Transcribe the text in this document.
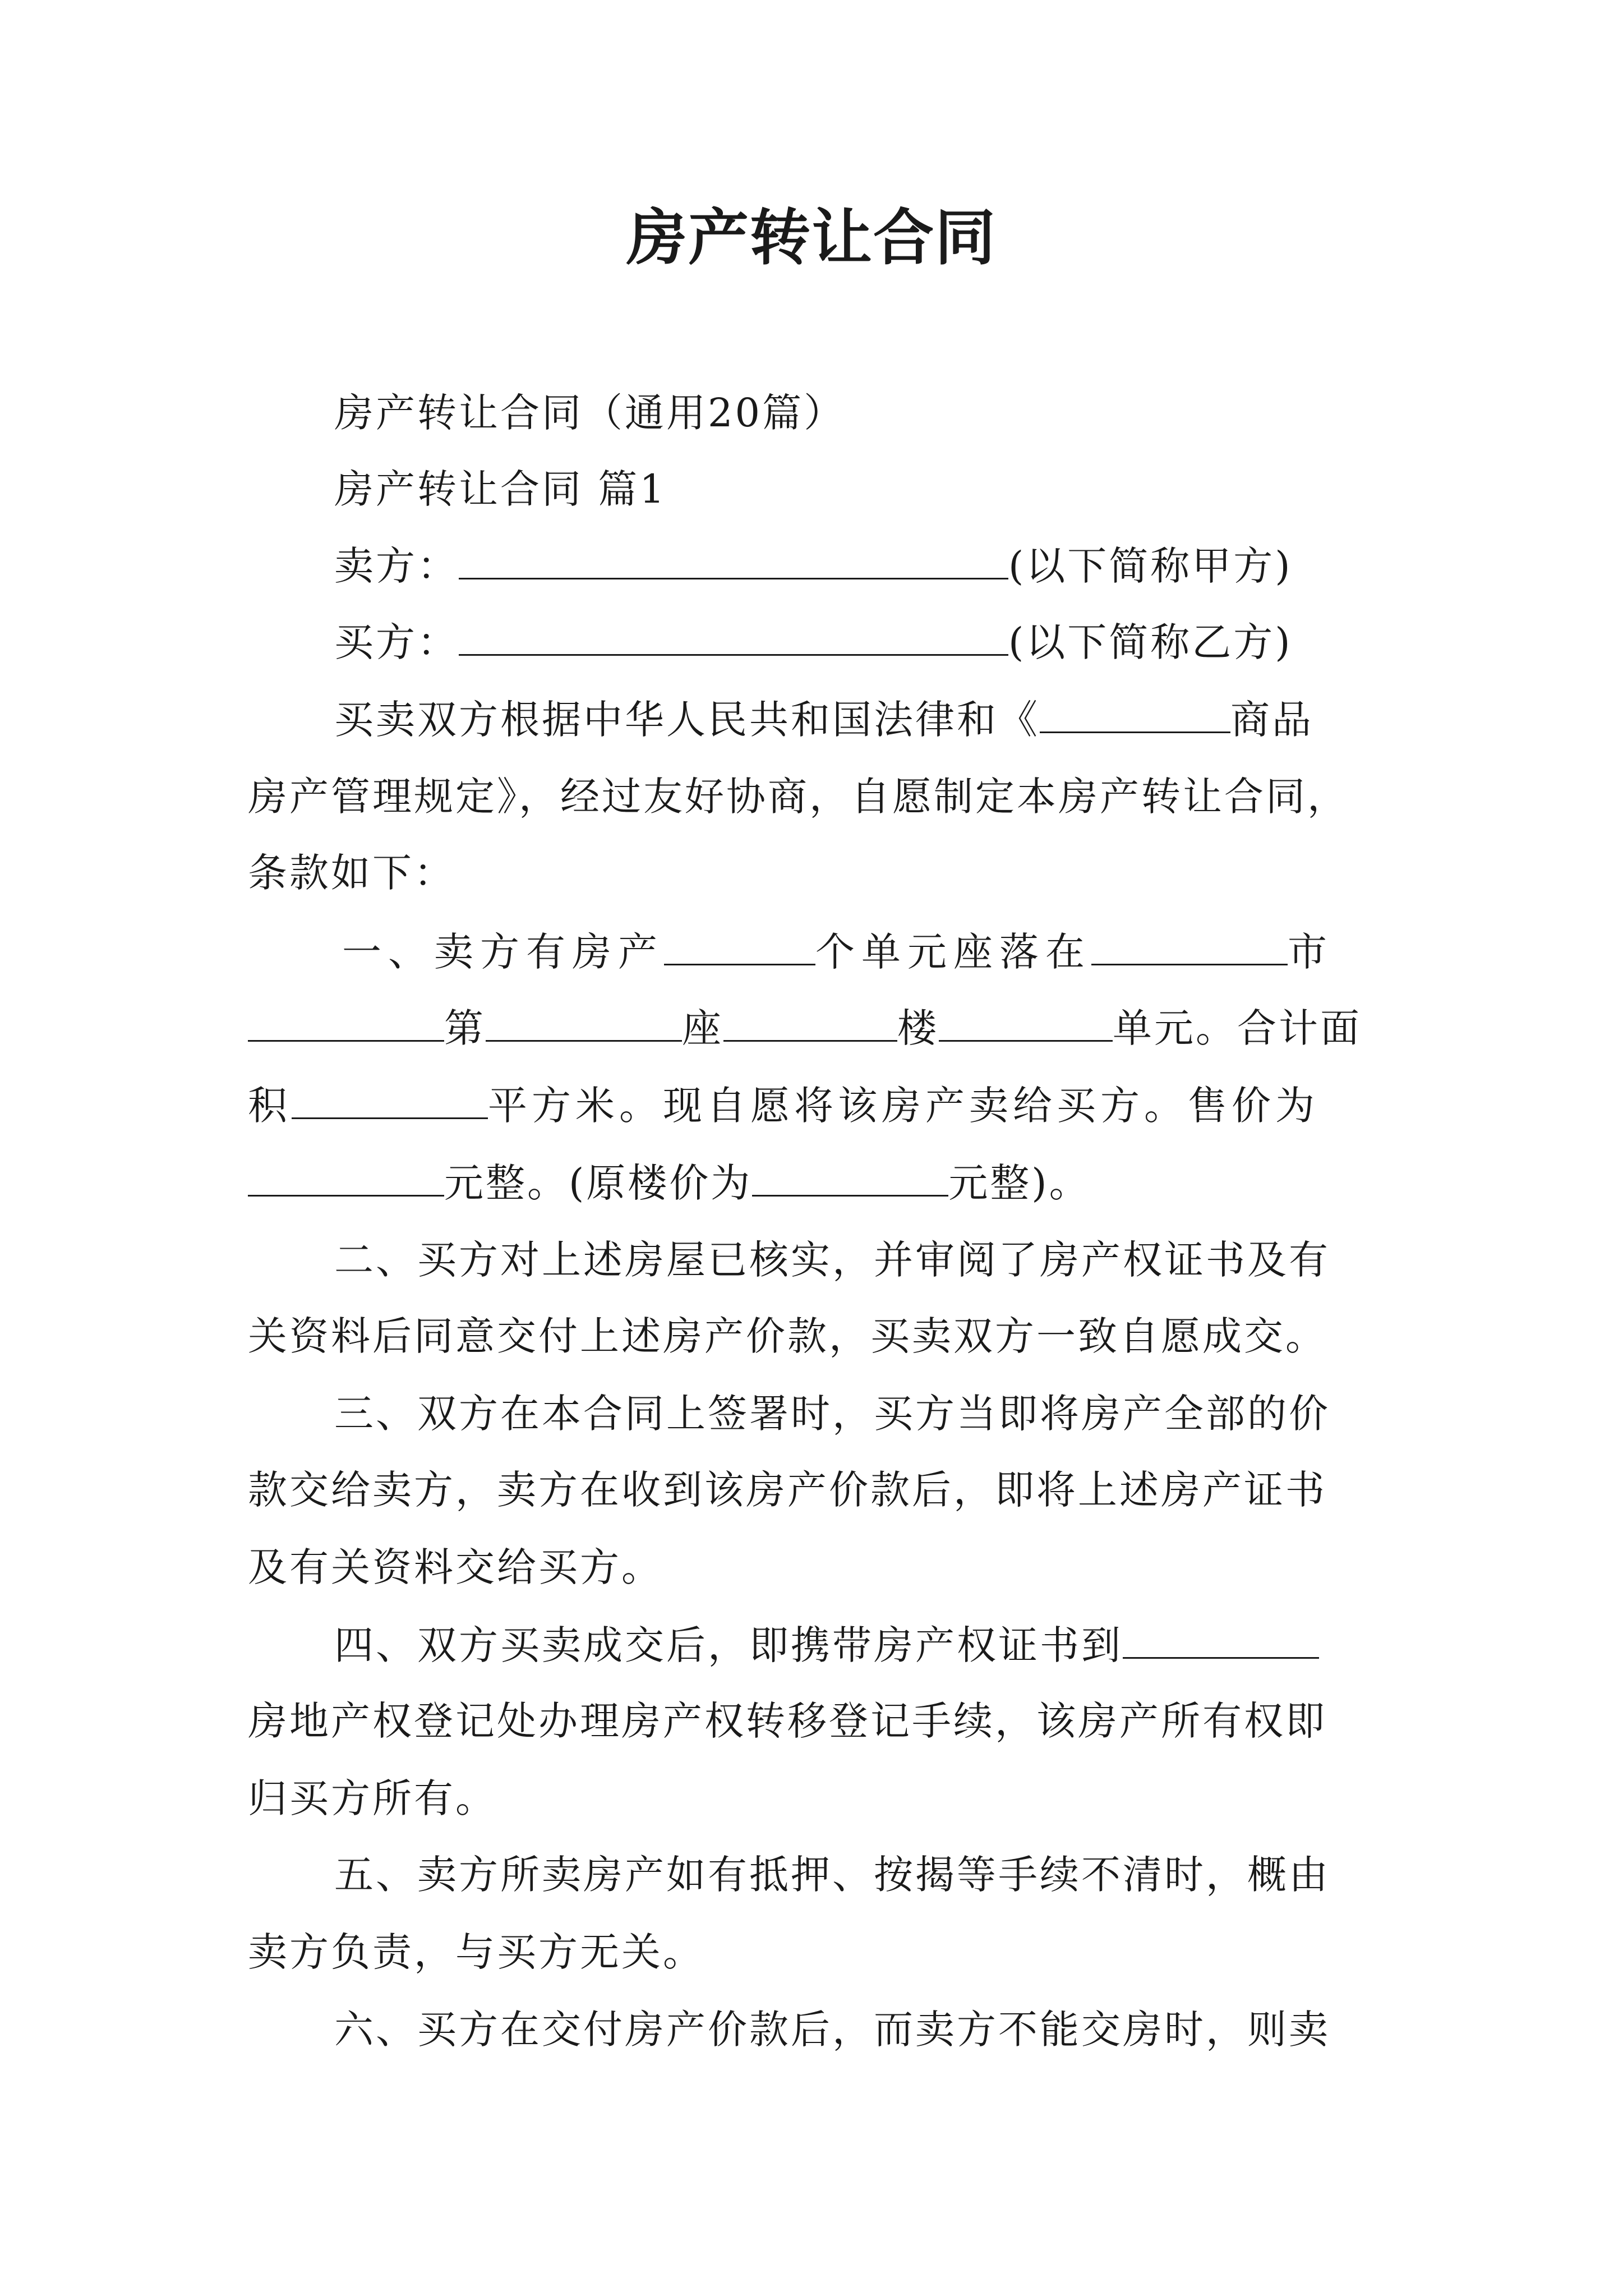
房产转让合同
房产转让合同（通用20篇）
房产转让合同 篇1
卖方：	(以下简称甲方)
买方：	(以下简称乙方)
买卖双方根据中华人民共和国法律和《	商品
房产管理规定》，经过友好协商，自愿制定本房产转让合同，
条款如下：
一、卖方有房产	个单元座落在	市
第	座	楼	单元。合计面
积	平方米。现自愿将该房产卖给买方。售价为
元整。(原楼价为	元整)。
二、买方对上述房屋已核实，并审阅了房产权证书及有
关资料后同意交付上述房产价款，买卖双方一致自愿成交。
三、双方在本合同上签署时，买方当即将房产全部的价
款交给卖方，卖方在收到该房产价款后，即将上述房产证书
及有关资料交给买方。
四、双方买卖成交后，即携带房产权证书到
房地产权登记处办理房产权转移登记手续，该房产所有权即
归买方所有。
五、卖方所卖房产如有抵押、按揭等手续不清时，概由
卖方负责，与买方无关。
六、买方在交付房产价款后，而卖方不能交房时，则卖
